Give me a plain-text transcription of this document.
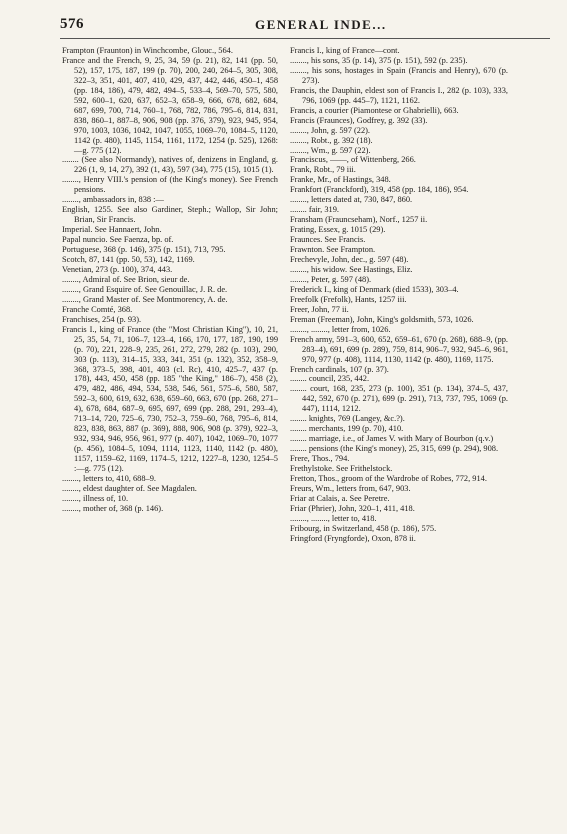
576	GENERAL INDE...

Frampton (Fraunton) in Winchcombe, Glouc., 564.

France and the French, 9, 25, 34, 59 (p. 21), 82, 141 (pp. 50, 52), 157, 175, 187, 199 (p. 70), 200, 240, 264–5, 305, 308, 322–3, 351, 401, 407, 410, 429, 437, 442, 446, 450–1, 458 (pp. 184, 186), 479, 482, 494–5, 533–4, 569–70, 575, 580, 592, 600–1, 620, 637, 652–3, 658–9, 666, 678, 682, 684, 687, 699, 700, 714, 760–1, 768, 782, 786, 795–6, 814, 831, 838, 860–1, 887–8, 906, 908 (pp. 376, 379), 923, 945, 954, 970, 1003, 1036, 1042, 1047, 1055, 1069–70, 1084–5, 1120, 1142 (p. 480), 1145, 1154, 1161, 1172, 1254 (p. 525), 1268:—g. 775 (12).

........ (See also Normandy), natives of, denizens in England, g. 226 (1, 9, 14, 27), 392 (1, 43), 597 (34), 775 (15), 1015 (1).

........, Henry VIII.'s pension of (the King's money). See French pensions.

........, ambassadors in, 838 :—

English, 1255. See also Gardiner, Steph.; Wallop, Sir John; Brian, Sir Francis.

Imperial. See Hannaert, John.

Papal nuncio. See Faenza, bp. of.

Portuguese, 368 (p. 146), 375 (p. 151), 713, 795.

Scotch, 87, 141 (pp. 50, 53), 142, 1169.

Venetian, 273 (p. 100), 374, 443.

........, Admiral of. See Brion, sieur de.

........, Grand Esquire of. See Genouillac, J. R. de.

........, Grand Master of. See Montmorency, A. de.

Franche Comté, 368.

Franchises, 254 (p. 93).

Francis I., king of France (the "Most Christian King"), 10, 21, 25, 35, 54, 71, 106–7, 123–4, 166, 170, 177, 187, 190, 199 (p. 70), 221, 228–9, 235, 261, 272, 279, 282 (p. 103), 290, 303 (p. 113), 314–15, 333, 341, 351 (p. 132), 352, 358–9, 368, 373–5, 398, 401, 403 (cl. Rc), 410, 425–7, 437 (p. 178), 443, 450, 458 (pp. 185 "the King," 186–7), 458 (2), 479, 482, 486, 494, 534, 538, 546, 561, 575–6, 580, 587, 592–3, 600, 619, 632, 638, 659–60, 663, 670 (pp. 268, 271–4), 678, 684, 687–9, 695, 697, 699 (pp. 288, 291, 293–4), 713–14, 720, 725–6, 730, 752–3, 759–60, 768, 795–6, 814, 823, 838, 863, 887 (p. 369), 888, 906, 908 (p. 379), 922–3, 932, 934, 946, 956, 961, 977 (p. 407), 1042, 1069–70, 1077 (p. 456), 1084–5, 1094, 1114, 1123, 1140, 1142 (p. 480), 1157, 1159–62, 1169, 1174–5, 1212, 1227–8, 1230, 1254–5 :—g. 775 (12).

........, letters to, 410, 688–9.

........, eldest daughter of. See Magdalen.

........, illness of, 10.

........, mother of, 368 (p. 146).

Francis I., king of France—cont.

........, his sons, 35 (p. 14), 375 (p. 151), 592 (p. 235).

........, his sons, hostages in Spain (Francis and Henry), 670 (p. 273).

Francis, the Dauphin, eldest son of Francis I., 282 (p. 103), 333, 796, 1069 (pp. 445–7), 1121, 1162.

Francis, a courier (Piamontese or Ghabrielli), 663.

Francis (Fraunces), Godfrey, g. 392 (33).

........, John, g. 597 (22).

........, Robt., g. 392 (18).

........, Wm., g. 597 (22).

Franciscus, ——, of Wittenberg, 266.

Frank, Robt., 79 iii.

Franke, Mr., of Hastings, 348.

Frankfort (Franckford), 319, 458 (pp. 184, 186), 954.

........, letters dated at, 730, 847, 860.

........ fair, 319.

Fransham (Frauncseham), Norf., 1257 ii.

Frating, Essex, g. 1015 (29).

Fraunces. See Francis.

Frawnton. See Frampton.

Frechevyle, John, dec., g. 597 (48).

........, his widow. See Hastings, Eliz.

........, Peter, g. 597 (48).

Frederick I., king of Denmark (died 1533), 303–4.

Freefolk (Frefolk), Hants, 1257 iii.

Freer, John, 77 ii.

Freman (Freeman), John, King's goldsmith, 573, 1026.

........, ........, letter from, 1026.

French army, 591–3, 600, 652, 659–61, 670 (p. 268), 688–9, (pp. 283–4), 691, 699 (p. 289), 759, 814, 906–7, 932, 945–6, 961, 970, 977 (p. 408), 1114, 1130, 1142 (p. 480), 1169, 1175.

French cardinals, 107 (p. 37).

........ council, 235, 442.

........ court, 168, 235, 273 (p. 100), 351 (p. 134), 374–5, 437, 442, 592, 670 (p. 271), 699 (p. 291), 713, 737, 795, 1069 (p. 447), 1114, 1212.

........ knights, 769 (Langey, &c.?).

........ merchants, 199 (p. 70), 410.

........ marriage, i.e., of James V. with Mary of Bourbon (q.v.)

........ pensions (the King's money), 25, 315, 699 (p. 294), 908.

Frere, Thos., 794.

Frethylstoke. See Frithelstock.

Fretton, Thos., groom of the Wardrobe of Robes, 772, 914.

Freurs, Wm., letters from, 647, 903.

Friar at Calais, a. See Peretre.

Friar (Phrier), John, 320–1, 411, 418.

........, ........, letter to, 418.

Fribourg, in Switzerland, 458 (p. 186), 575.

Fringford (Fryngforde), Oxon, 878 ii.
